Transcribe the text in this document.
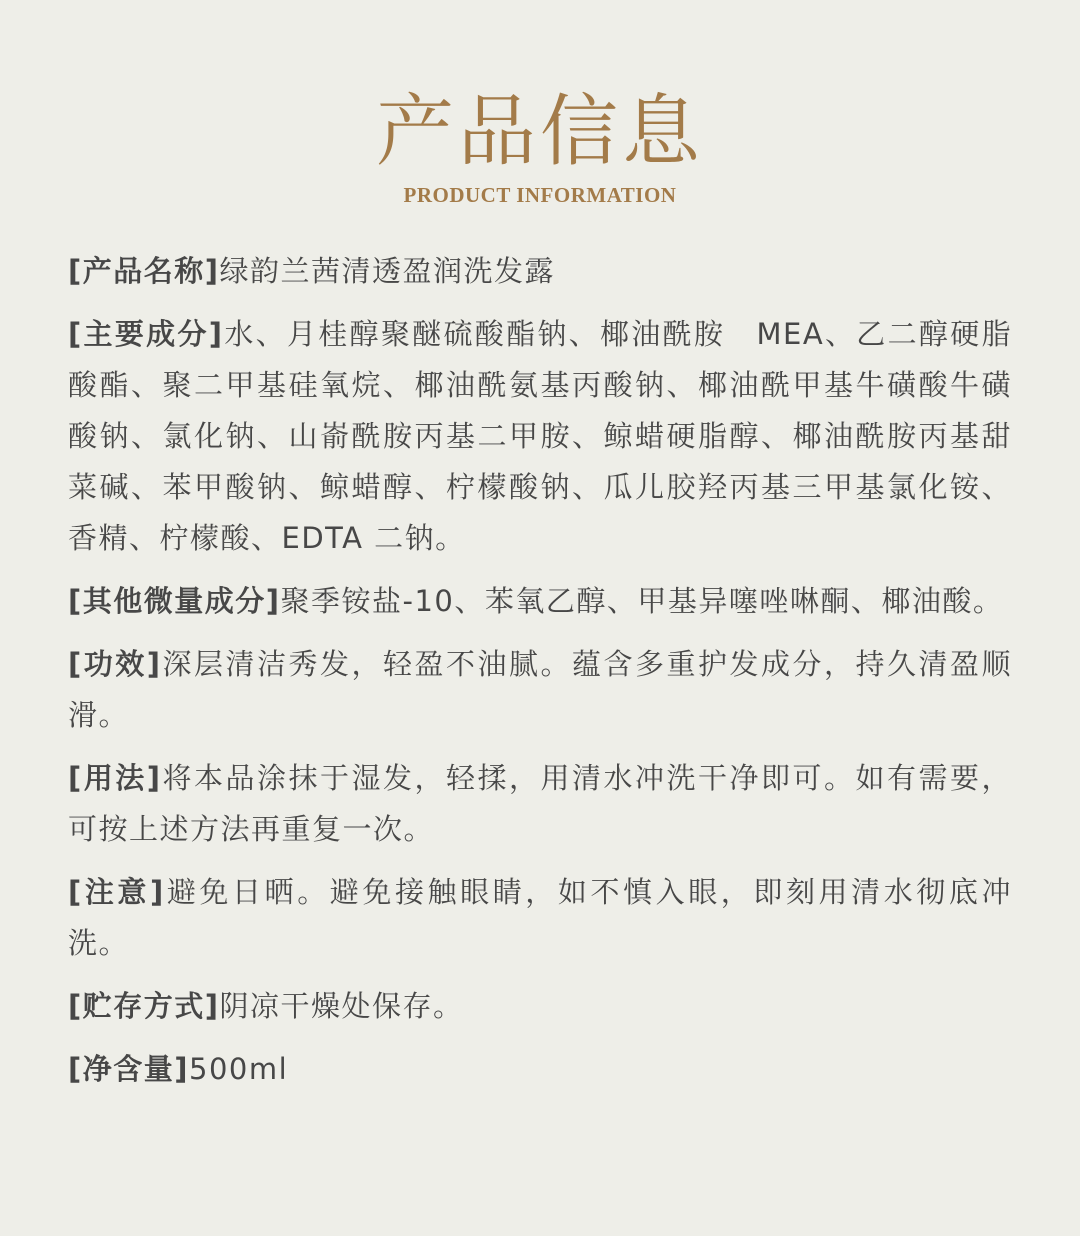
产品信息
PRODUCT INFORMATION
[产品名称]绿韵兰茜清透盈润洗发露
[主要成分]水、月桂醇聚醚硫酸酯钠、椰油酰胺　MEA、乙二醇硬脂酸酯、聚二甲基硅氧烷、椰油酰氨基丙酸钠、椰油酰甲基牛磺酸牛磺酸钠、氯化钠、山嵛酰胺丙基二甲胺、鲸蜡硬脂醇、椰油酰胺丙基甜菜碱、苯甲酸钠、鲸蜡醇、柠檬酸钠、瓜儿胶羟丙基三甲基氯化铵、香精、柠檬酸、EDTA 二钠。
[其他微量成分]聚季铵盐-10、苯氧乙醇、甲基异噻唑啉酮、椰油酸。
[功效]深层清洁秀发，轻盈不油腻。蕴含多重护发成分，持久清盈顺滑。
[用法]将本品涂抹于湿发，轻揉，用清水冲洗干净即可。如有需要，可按上述方法再重复一次。
[注意]避免日晒。避免接触眼睛，如不慎入眼，即刻用清水彻底冲洗。
[贮存方式]阴凉干燥处保存。
[净含量]500ml
